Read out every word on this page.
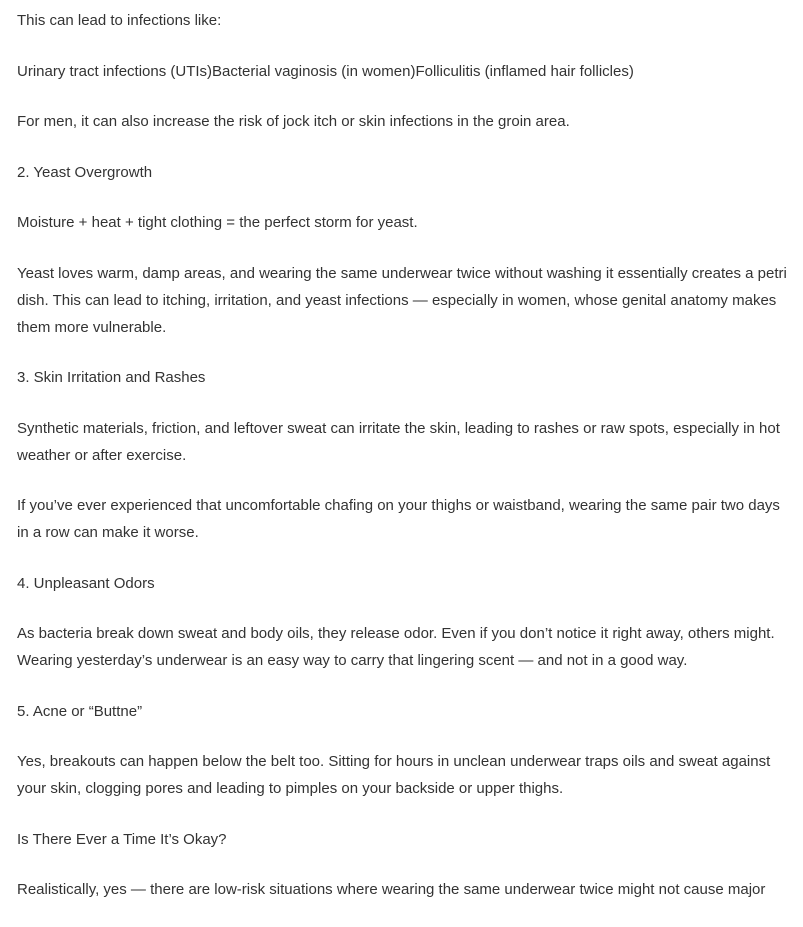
This can lead to infections like:

Urinary tract infections (UTIs)Bacterial vaginosis (in women)Folliculitis (inflamed hair follicles)

For men, it can also increase the risk of jock itch or skin infections in the groin area.

2. Yeast Overgrowth

Moisture + heat + tight clothing = the perfect storm for yeast.

Yeast loves warm, damp areas, and wearing the same underwear twice without washing it essentially creates a petri dish. This can lead to itching, irritation, and yeast infections — especially in women, whose genital anatomy makes them more vulnerable.

3. Skin Irritation and Rashes

Synthetic materials, friction, and leftover sweat can irritate the skin, leading to rashes or raw spots, especially in hot weather or after exercise.

If you’ve ever experienced that uncomfortable chafing on your thighs or waistband, wearing the same pair two days in a row can make it worse.

4. Unpleasant Odors

As bacteria break down sweat and body oils, they release odor. Even if you don’t notice it right away, others might. Wearing yesterday’s underwear is an easy way to carry that lingering scent — and not in a good way.

5. Acne or “Buttne”

Yes, breakouts can happen below the belt too. Sitting for hours in unclean underwear traps oils and sweat against your skin, clogging pores and leading to pimples on your backside or upper thighs.

Is There Ever a Time It’s Okay?

Realistically, yes — there are low-risk situations where wearing the same underwear twice might not cause major
